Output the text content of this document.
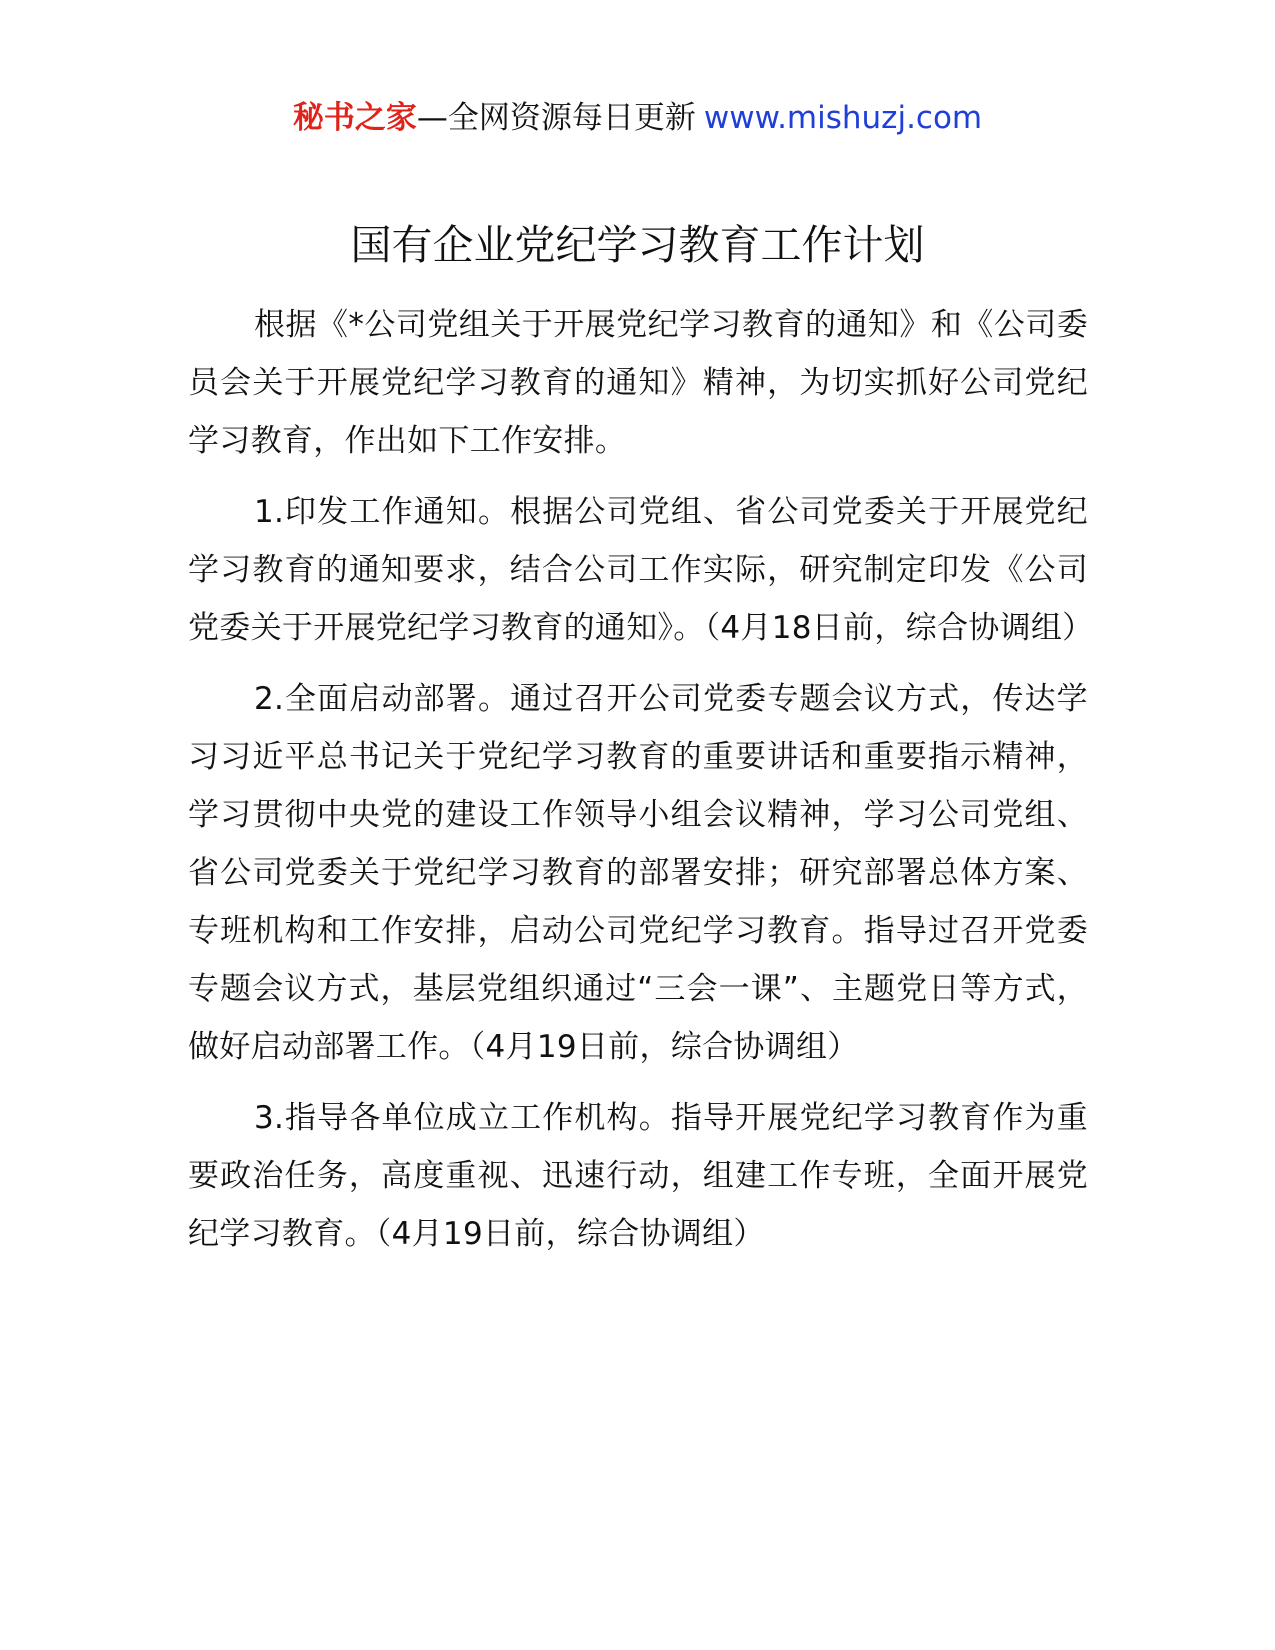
秘书之家—全网资源每日更新 www.mishuzj.com
国有企业党纪学习教育工作计划

根据《*公司党组关于开展党纪学习教育的通知》和《公司委员会关于开展党纪学习教育的通知》精神，为切实抓好公司党纪学习教育，作出如下工作安排。

1.印发工作通知。根据公司党组、省公司党委关于开展党纪学习教育的通知要求，结合公司工作实际，研究制定印发《公司党委关于开展党纪学习教育的通知》。（4月18日前，综合协调组）

2.全面启动部署。通过召开公司党委专题会议方式，传达学习习近平总书记关于党纪学习教育的重要讲话和重要指示精神，学习贯彻中央党的建设工作领导小组会议精神，学习公司党组、省公司党委关于党纪学习教育的部署安排；研究部署总体方案、专班机构和工作安排，启动公司党纪学习教育。指导过召开党委专题会议方式，基层党组织通过“三会一课”、主题党日等方式，做好启动部署工作。（4月19日前，综合协调组）

3.指导各单位成立工作机构。指导开展党纪学习教育作为重要政治任务，高度重视、迅速行动，组建工作专班，全面开展党纪学习教育。（4月19日前，综合协调组）
